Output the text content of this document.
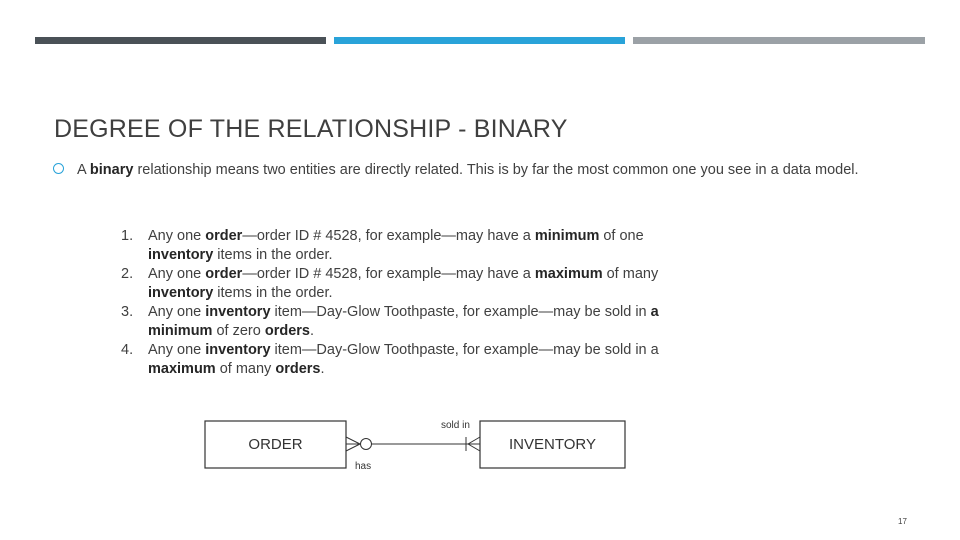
DEGREE OF THE RELATIONSHIP - BINARY
A binary relationship means two entities are directly related. This is by far the most common one you see in a data model.
1. Any one order—order ID # 4528, for example—may have a minimum of one
inventory items in the order.
2. Any one order—order ID # 4528, for example—may have a maximum of many
inventory items in the order.
3. Any one inventory item—Day-Glow Toothpaste, for example—may be sold in a
minimum of zero orders.
4. Any one inventory item—Day-Glow Toothpaste, for example—may be sold in a
maximum of many orders.
ORDER	INVENTORY
sold in
has
17
